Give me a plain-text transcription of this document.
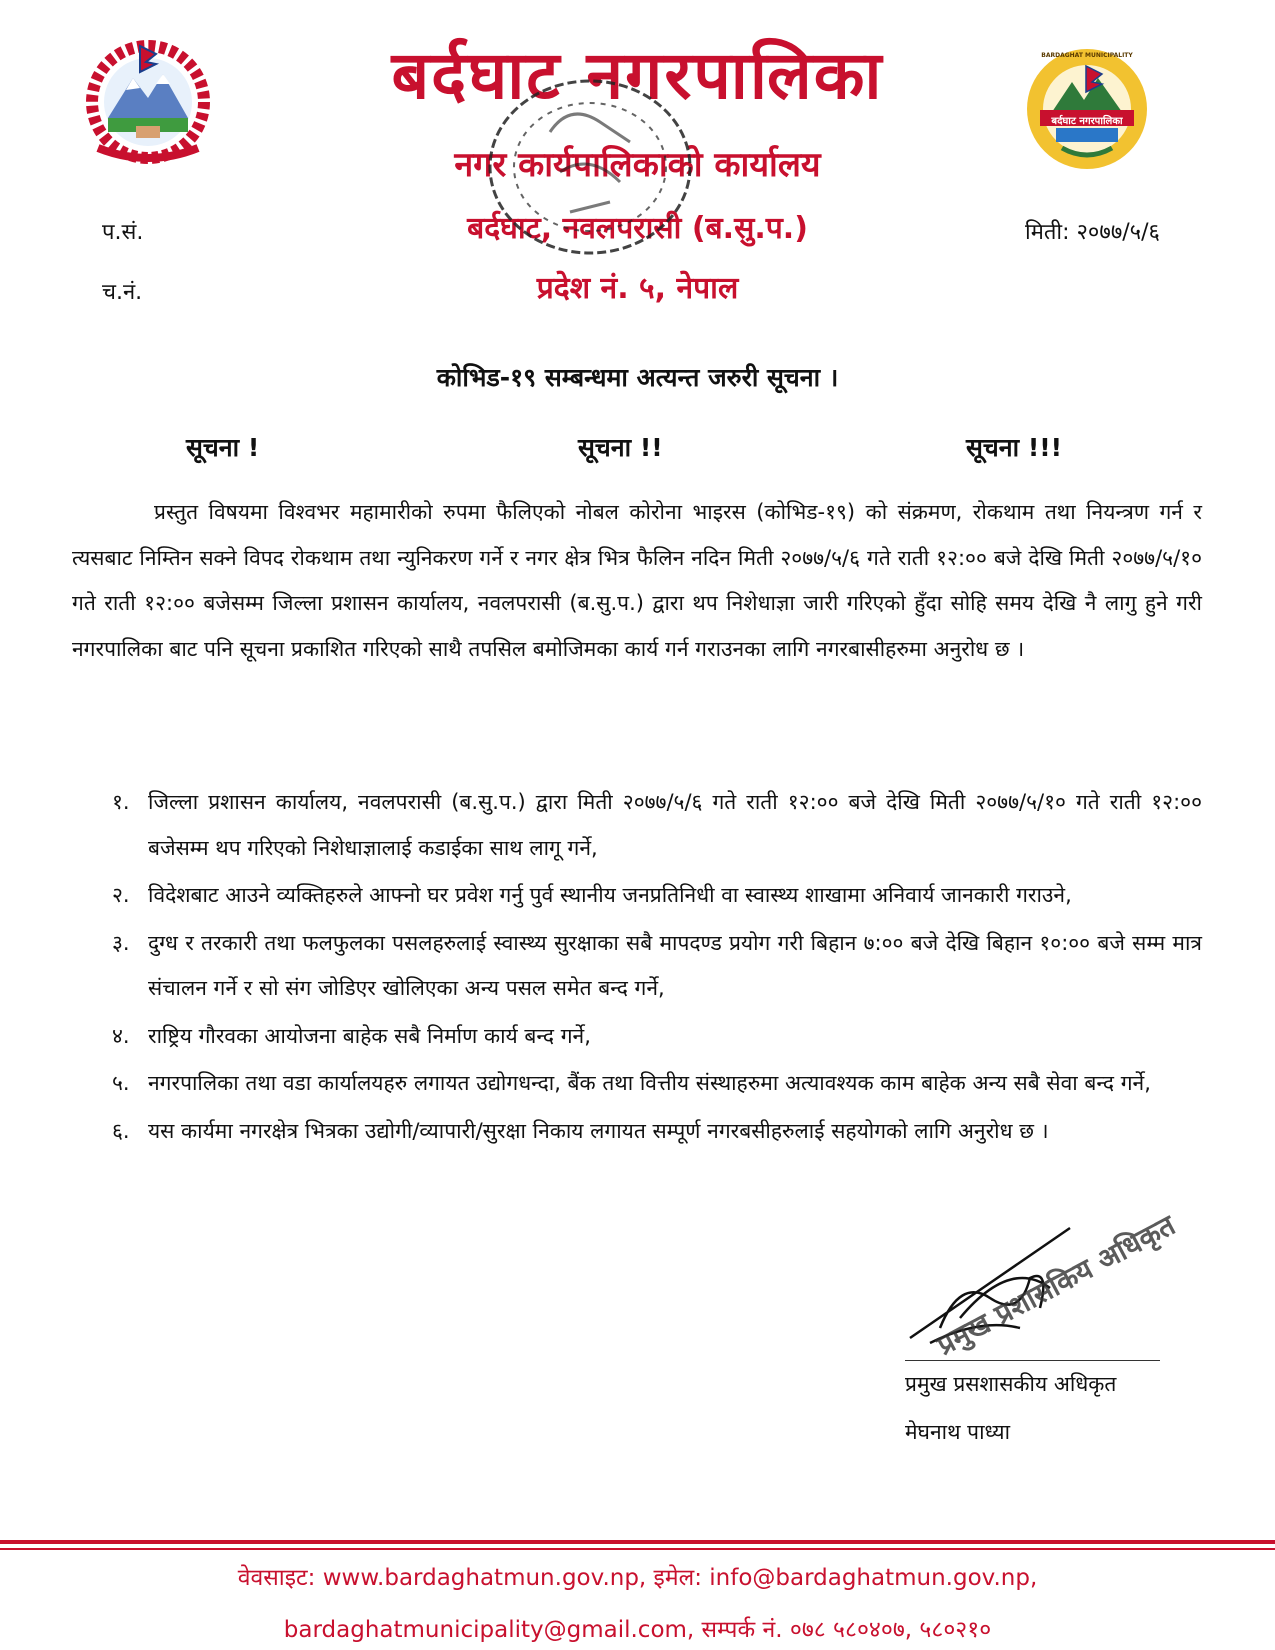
BARDAGHAT MUNICIPALITY
बर्दघाट नगरपालिका
बर्दघाट नगरपालिका
नगर कार्यपालिकाको कार्यालय
बर्दघाट, नवलपरासी (ब.सु.प.)
प्रदेश नं. ५, नेपाल
प.सं.
च.नं.
मिती: २०७७/५/६
कोभिड-१९ सम्बन्धमा अत्यन्त जरुरी सूचना ।
सूचना !	सूचना !!	सूचना !!!

प्रस्तुत विषयमा विश्वभर महामारीको रुपमा फैलिएको नोबल कोरोना भाइरस (कोभिड-१९) को संक्रमण, रोकथाम तथा नियन्त्रण गर्न र त्यसबाट निम्तिन सक्ने विपद रोकथाम तथा न्युनिकरण गर्ने र नगर क्षेत्र भित्र फैलिन नदिन मिती २०७७/५/६ गते राती १२:०० बजे देखि मिती २०७७/५/१० गते राती १२:०० बजेसम्म जिल्ला प्रशासन कार्यालय, नवलपरासी (ब.सु.प.) द्वारा थप निशेधाज्ञा जारी गरिएको हुँदा सोहि समय देखि नै लागु हुने गरी नगरपालिका बाट पनि सूचना प्रकाशित गरिएको साथै तपसिल बमोजिमका कार्य गर्न गराउनका लागि नगरबासीहरुमा अनुरोध छ ।

१. जिल्ला प्रशासन कार्यालय, नवलपरासी (ब.सु.प.) द्वारा मिती २०७७/५/६ गते राती १२:०० बजे देखि मिती २०७७/५/१० गते राती १२:०० बजेसम्म थप गरिएको निशेधाज्ञालाई कडाईका साथ लागू गर्ने,
२. विदेशबाट आउने व्यक्तिहरुले आफ्नो घर प्रवेश गर्नु पुर्व स्थानीय जनप्रतिनिधी वा स्वास्थ्य शाखामा अनिवार्य जानकारी गराउने,
३. दुग्ध र तरकारी तथा फलफुलका पसलहरुलाई स्वास्थ्य सुरक्षाका सबै मापदण्ड प्रयोग गरी बिहान ७:०० बजे देखि बिहान १०:०० बजे सम्म मात्र संचालन गर्ने र सो संग जोडिएर खोलिएका अन्य पसल समेत बन्द गर्ने,
४. राष्ट्रिय गौरवका आयोजना बाहेक सबै निर्माण कार्य बन्द गर्ने,
५. नगरपालिका तथा वडा कार्यालयहरु लगायत उद्योगधन्दा, बैंक तथा वित्तीय संस्थाहरुमा अत्यावश्यक काम बाहेक अन्य सबै सेवा बन्द गर्ने,
६. यस कार्यमा नगरक्षेत्र भित्रका उद्योगी/व्यापारी/सुरक्षा निकाय लगायत सम्पूर्ण नगरबसीहरुलाई सहयोगको लागि अनुरोध छ ।
प्रमुख प्रशासकिय अधिकृत
प्रमुख प्रसशासकीय अधिकृत
मेघनाथ पाध्या
वेवसाइट: www.bardaghatmun.gov.np, इमेल: info@bardaghatmun.gov.np,
bardaghatmunicipality@gmail.com, सम्पर्क नं. ०७८ ५८०४०७, ५८०२१०
